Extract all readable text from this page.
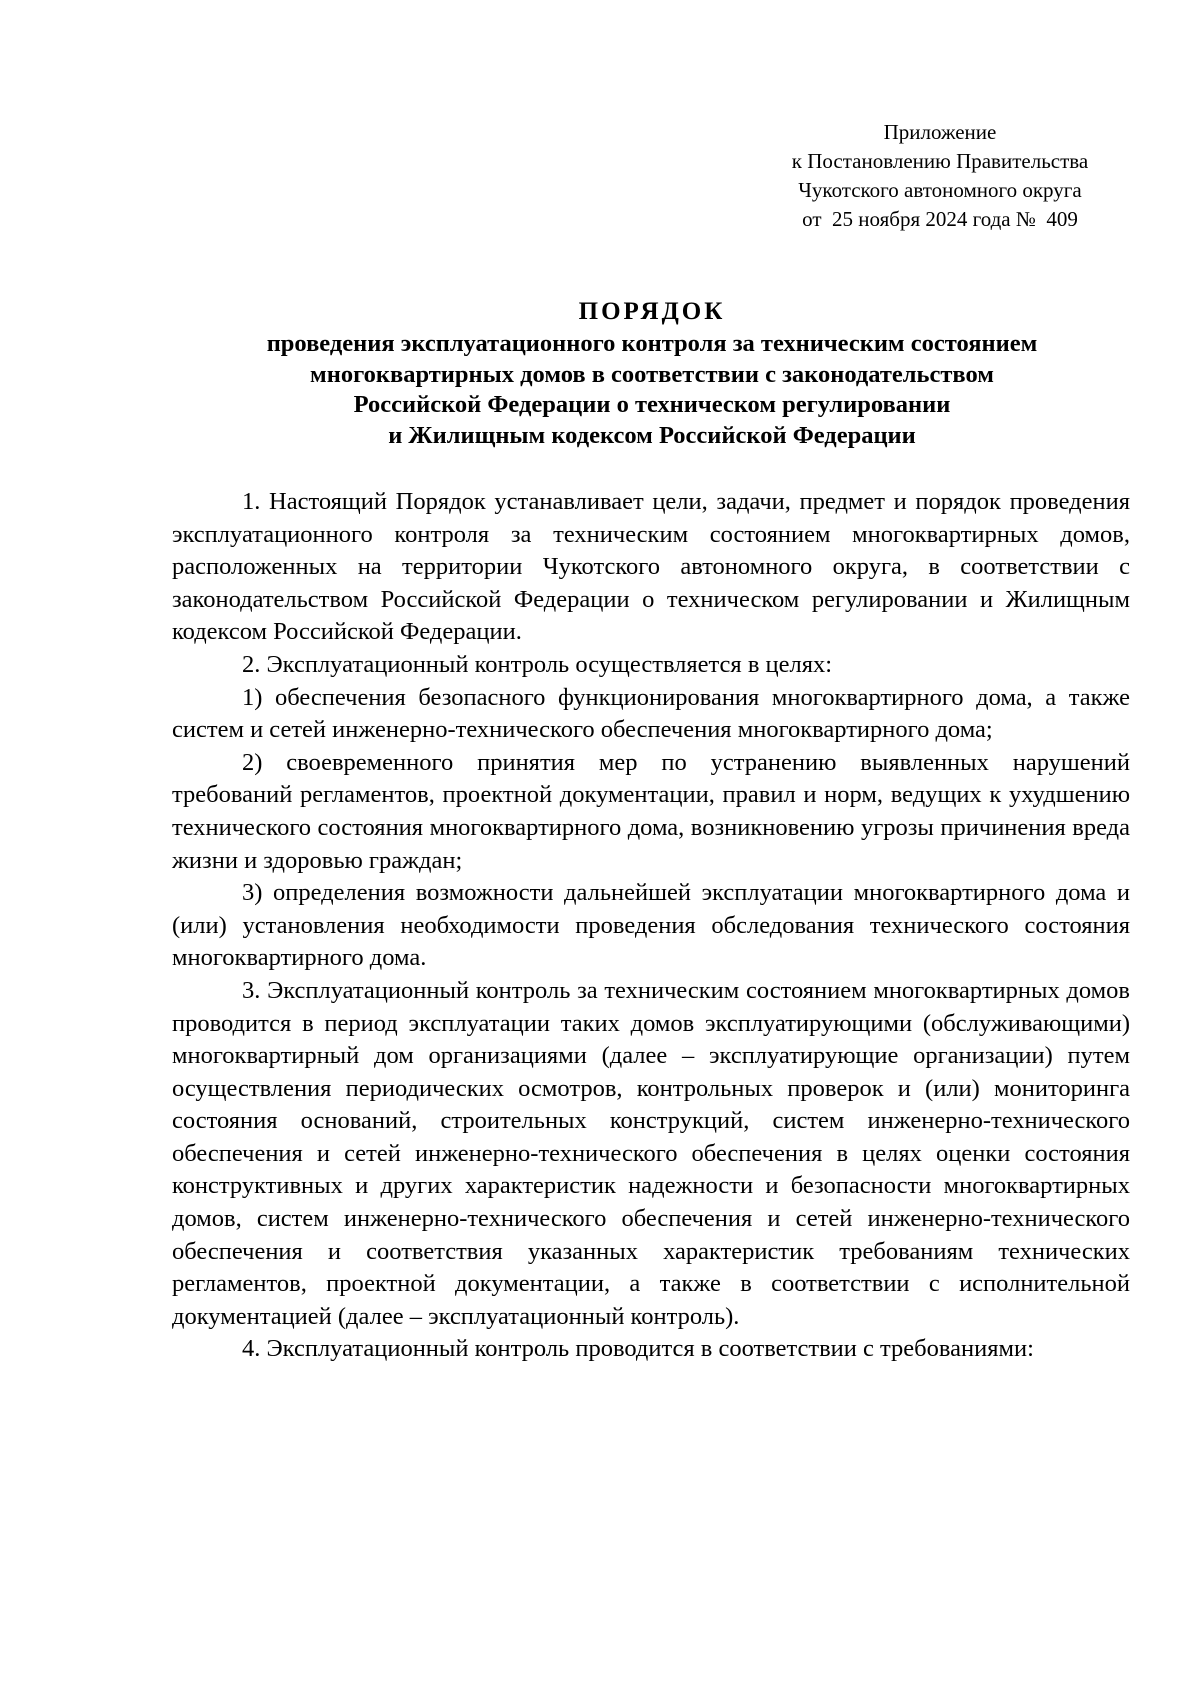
Приложение
к Постановлению Правительства
Чукотского автономного округа
от  25 ноября 2024 года №  409
ПОРЯДОК
проведения эксплуатационного контроля за техническим состоянием
многоквартирных домов в соответствии с законодательством
Российской Федерации о техническом регулировании
и Жилищным кодексом Российской Федерации

1. Настоящий Порядок устанавливает цели, задачи, предмет и порядок проведения эксплуатационного контроля за техническим состоянием многоквартирных домов, расположенных на территории Чукотского автономного округа, в соответствии с законодательством Российской Федерации о техническом регулировании и Жилищным кодексом Российской Федерации.

2. Эксплуатационный контроль осуществляется в целях:

1) обеспечения безопасного функционирования многоквартирного дома, а также систем и сетей инженерно-технического обеспечения многоквартирного дома;

2) своевременного принятия мер по устранению выявленных нарушений требований регламентов, проектной документации, правил и норм, ведущих к ухудшению технического состояния многоквартирного дома, возникновению угрозы причинения вреда жизни и здоровью граждан;

3) определения возможности дальнейшей эксплуатации многоквартирного дома и (или) установления необходимости проведения обследования технического состояния многоквартирного дома.

3. Эксплуатационный контроль за техническим состоянием многоквартирных домов проводится в период эксплуатации таких домов эксплуатирующими (обслуживающими) многоквартирный дом организациями (далее – эксплуатирующие организации) путем осуществления периодических осмотров, контрольных проверок и (или) мониторинга состояния оснований, строительных конструкций, систем инженерно-технического обеспечения и сетей инженерно-технического обеспечения в целях оценки состояния конструктивных и других характеристик надежности и безопасности многоквартирных домов, систем инженерно-технического обеспечения и сетей инженерно-технического обеспечения и соответствия указанных характеристик требованиям технических регламентов, проектной документации, а также в соответствии с исполнительной документацией (далее – эксплуатационный контроль).

4. Эксплуатационный контроль проводится в соответствии с требованиями:
